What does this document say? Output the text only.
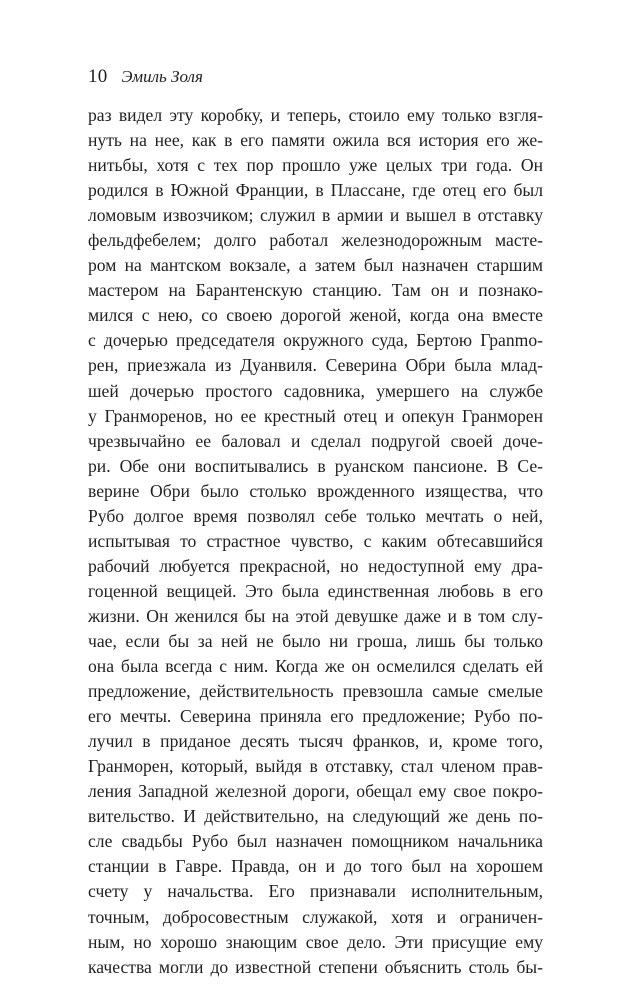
10 Эмиль Золя
раз видел эту коробку, и теперь, стоило ему только взгля-
нуть на нее, как в его памяти ожила вся история его же-
нитьбы, хотя с тех пор прошло уже целых три года. Он
родился в Южной Франции, в Плассане, где отец его был
ломовым извозчиком; служил в армии и вышел в отставку
фельдфебелем; долго работал железнодорожным масте-
ром на мантском вокзале, а затем был назначен старшим
мастером на Барантенскую станцию. Там он и познако-
мился с нею, со своею дорогой женой, когда она вместе
с дочерью председателя окружного суда, Бертою Грanmo-
рен, приезжала из Дуанвиля. Северина Обри была млад-
шей дочерью простого садовника, умершего на службе
у Гранморенов, но ее крестный отец и опекун Гранморен
чрезвычайно ее баловал и сделал подругой своей доче-
ри. Обе они воспитывались в руанском пансионе. В Се-
верине Обри было столько врожденного изящества, что
Рубо долгое время позволял себе только мечтать о ней,
испытывая то страстное чувство, с каким обтесавшийся
рабочий любуется прекрасной, но недоступной ему дра-
гоценной вещицей. Это была единственная любовь в его
жизни. Он женился бы на этой девушке даже и в том слу-
чае, если бы за ней не было ни гроша, лишь бы только
она была всегда с ним. Когда же он осмелился сделать ей
предложение, действительность превзошла самые смелые
его мечты. Северина приняла его предложение; Рубо по-
лучил в приданое десять тысяч франков, и, кроме того,
Гранморен, который, выйдя в отставку, стал членом прав-
ления Западной железной дороги, обещал ему свое покро-
вительство. И действительно, на следующий же день по-
сле свадьбы Рубо был назначен помощником начальника
станции в Гавре. Правда, он и до того был на хорошем
счету у начальства. Его признавали исполнительным,
точным, добросовестным служакой, хотя и ограничен-
ным, но хорошо знающим свое дело. Эти присущие ему
качества могли до известной степени объяснить столь бы-
